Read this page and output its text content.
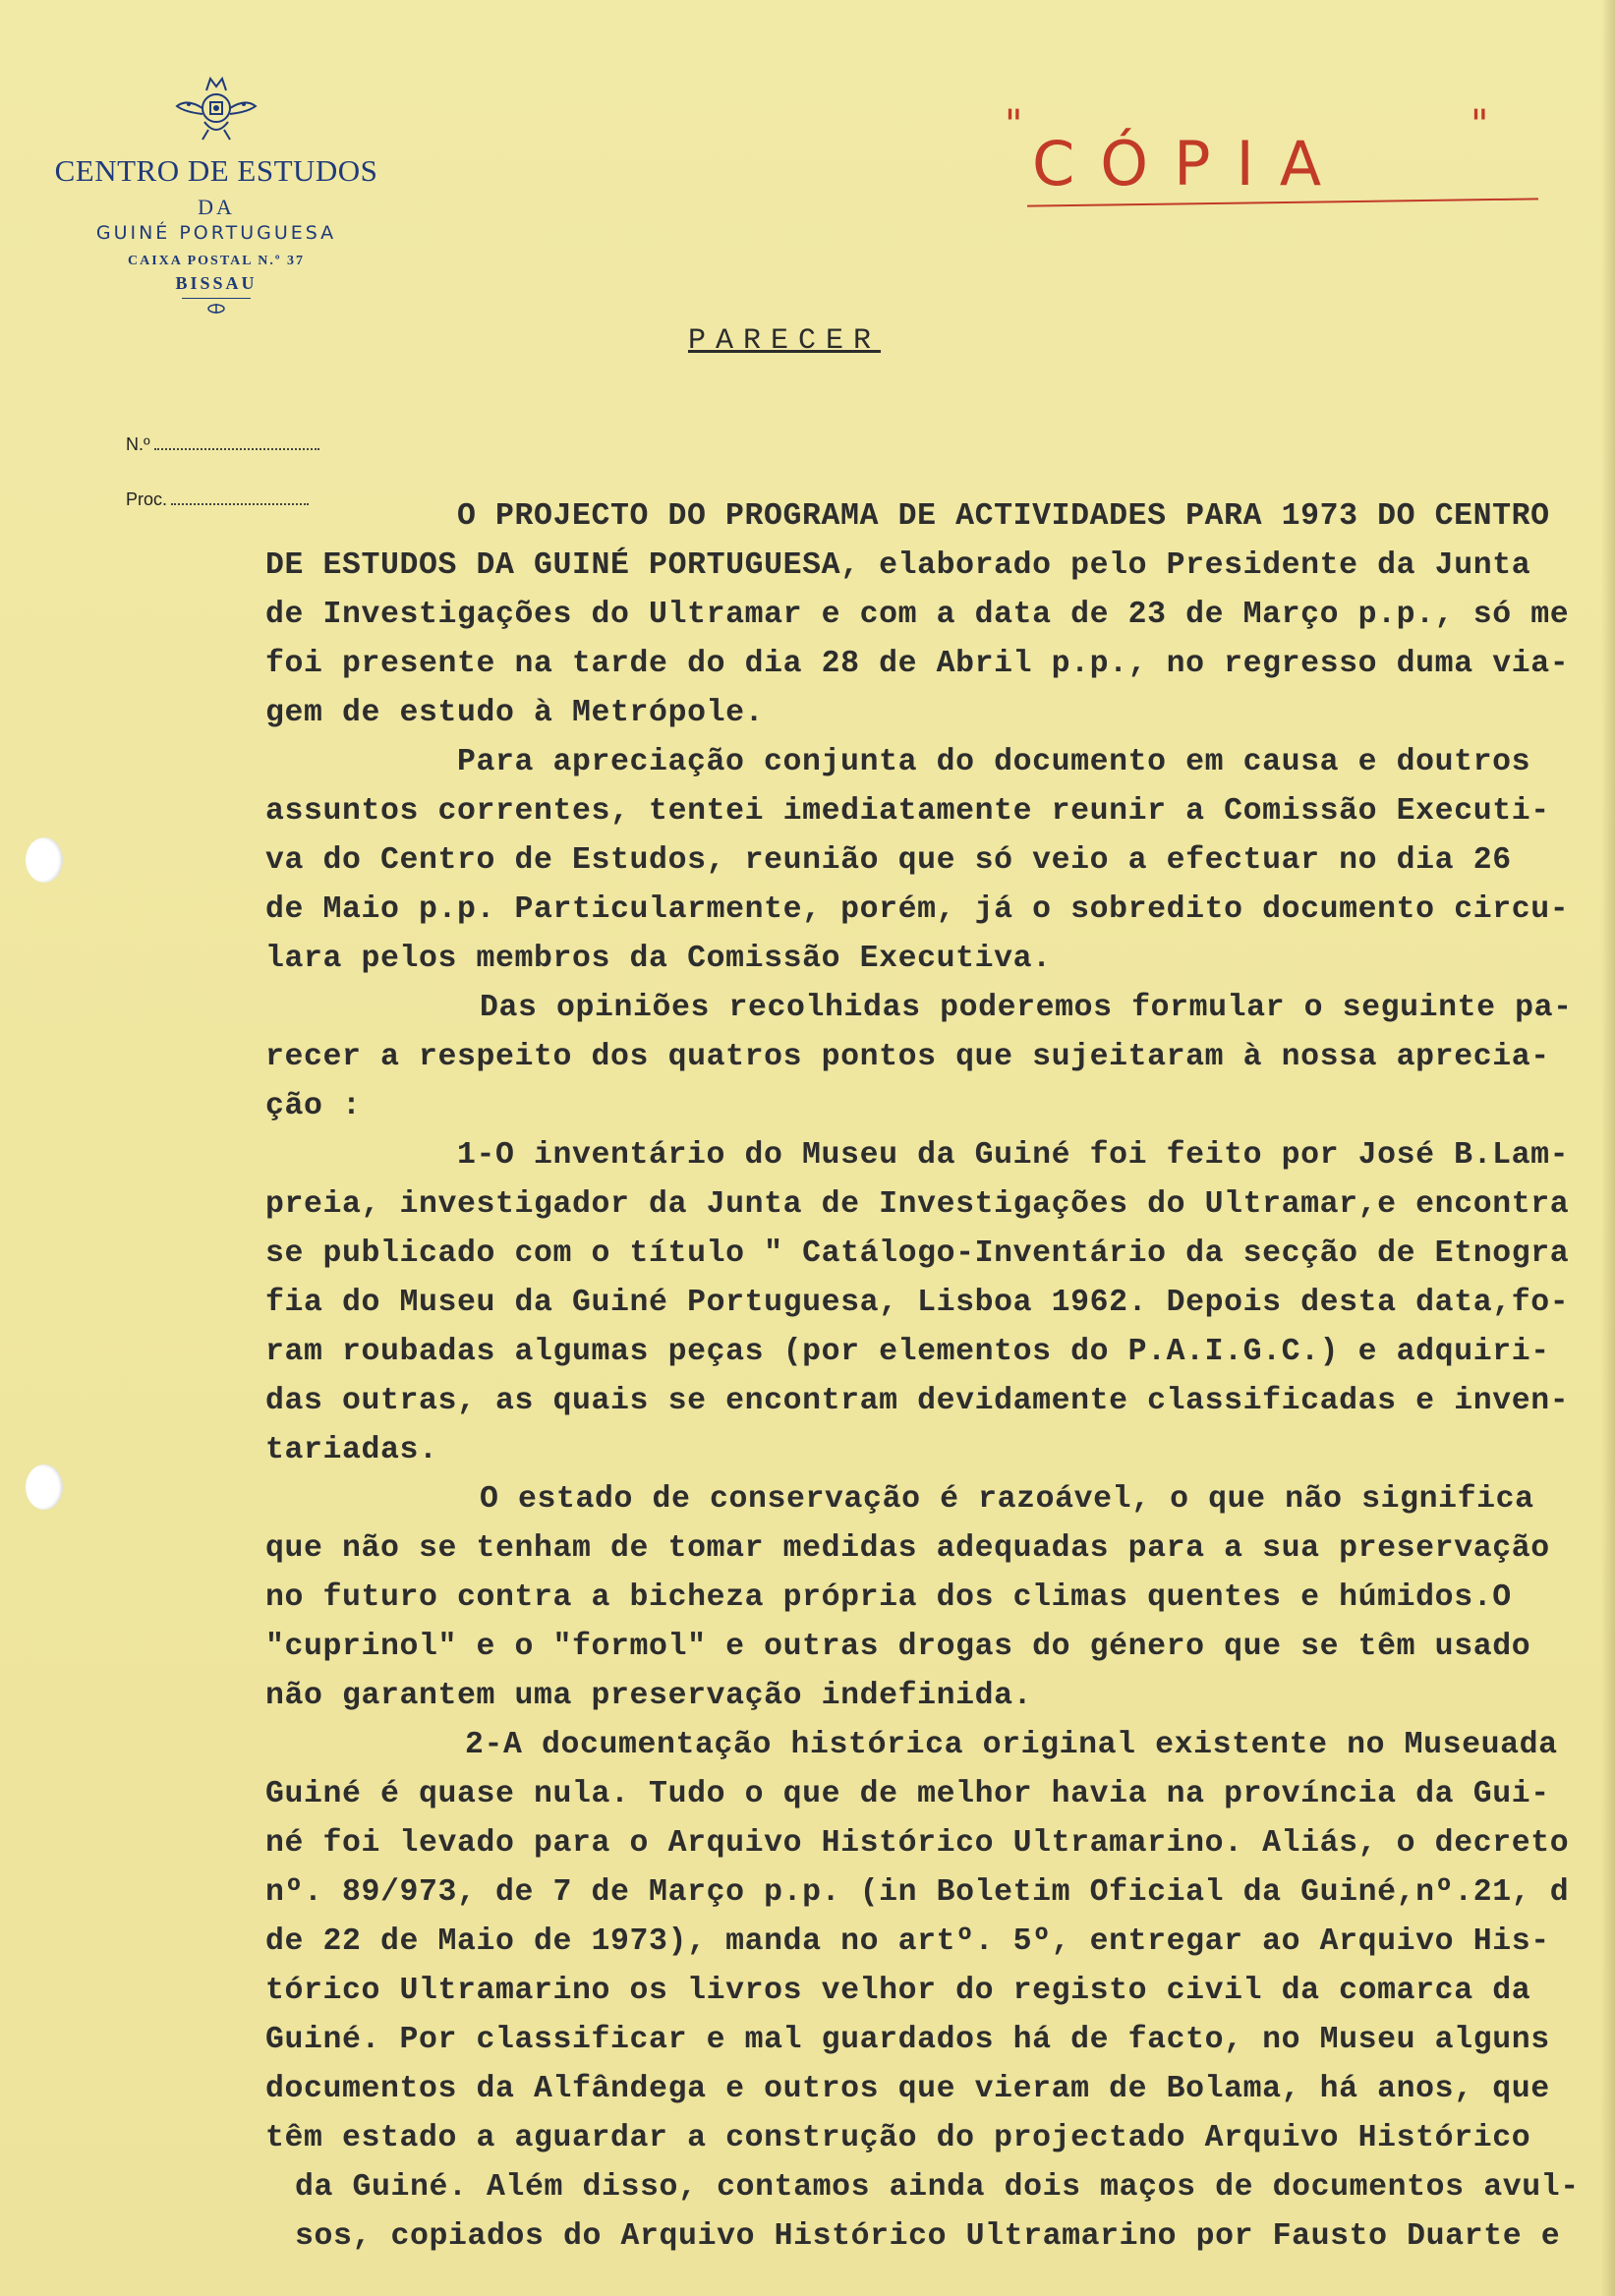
CENTRO DE ESTUDOS
DA
GUINÉ PORTUGUESA
CAIXA POSTAL N.º 37
BISSAU
"	"
CÓPIA
PARECER
N.º
Proc.	O PROJECTO DO PROGRAMA DE ACTIVIDADES PARA 1973 DO CENTRO
DE ESTUDOS DA GUINÉ PORTUGUESA, elaborado pelo Presidente da Junta
de Investigações do Ultramar e com a data de 23 de Março p.p., só me
foi presente na tarde do dia 28 de Abril p.p., no regresso duma via-
gem de estudo à Metrópole.
Para apreciação conjunta do documento em causa e doutros
assuntos correntes, tentei imediatamente reunir a Comissão Executi-
va do Centro de Estudos, reunião que só veio a efectuar no dia 26
de Maio p.p. Particularmente, porém, já o sobredito documento circu-
lara pelos membros da Comissão Executiva.
Das opiniões recolhidas poderemos formular o seguinte pa-
recer a respeito dos quatros pontos que sujeitaram à nossa aprecia-
ção :
1-O inventário do Museu da Guiné foi feito por José B.Lam-
preia, investigador da Junta de Investigações do Ultramar,e encontra
se publicado com o título " Catálogo-Inventário da secção de Etnogra
fia do Museu da Guiné Portuguesa, Lisboa 1962. Depois desta data,fo-
ram roubadas algumas peças (por elementos do P.A.I.G.C.) e adquiri-
das outras, as quais se encontram devidamente classificadas e inven-
tariadas.
O estado de conservação é razoável, o que não significa
que não se tenham de tomar medidas adequadas para a sua preservação
no futuro contra a bicheza própria dos climas quentes e húmidos.O
"cuprinol" e o "formol" e outras drogas do género que se têm usado
não garantem uma preservação indefinida.
2-A documentação histórica original existente no Museuada
Guiné é quase nula. Tudo o que de melhor havia na província da Gui-
né foi levado para o Arquivo Histórico Ultramarino. Aliás, o decreto
nº. 89/973, de 7 de Março p.p. (in Boletim Oficial da Guiné,nº.21, d
de 22 de Maio de 1973), manda no artº. 5º, entregar ao Arquivo His-
tórico Ultramarino os livros velhor do registo civil da comarca da
Guiné. Por classificar e mal guardados há de facto, no Museu alguns
documentos da Alfândega e outros que vieram de Bolama, há anos, que
têm estado a aguardar a construção do projectado Arquivo Histórico
da Guiné. Além disso, contamos ainda dois maços de documentos avul-
sos, copiados do Arquivo Histórico Ultramarino por Fausto Duarte e
